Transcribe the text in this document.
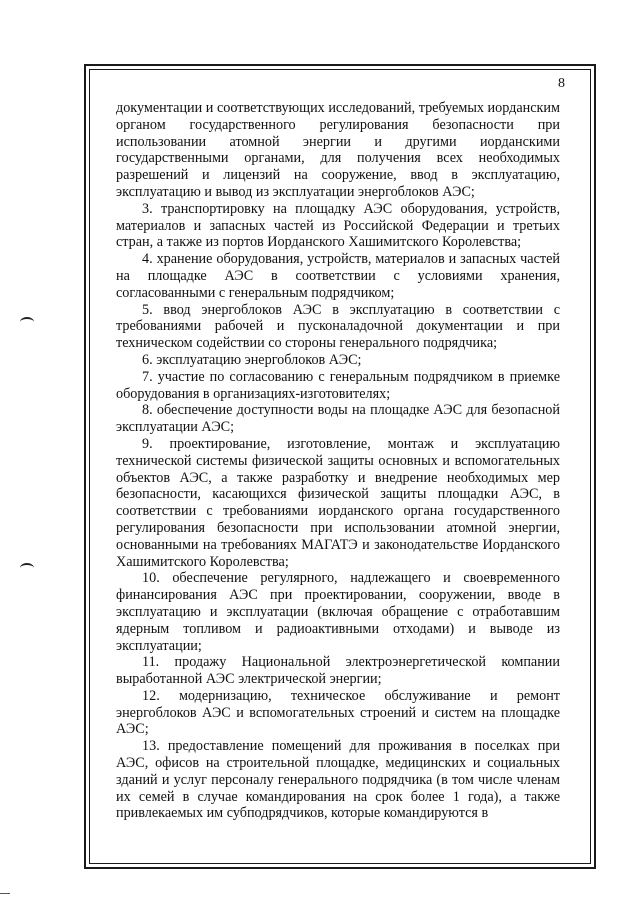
8

документации и соответствующих исследований, требуемых иорданским органом государственного регулирования безопасности при использовании атомной энергии и другими иорданскими государственными органами, для получения всех необходимых разрешений и лицензий на сооружение, ввод в эксплуатацию, эксплуатацию и вывод из эксплуатации энергоблоков АЭС;

3. транспортировку на площадку АЭС оборудования, устройств, материалов и запасных частей из Российской Федерации и третьих стран, а также из портов Иорданского Хашимитского Королевства;

4. хранение оборудования, устройств, материалов и запасных частей на площадке АЭС в соответствии с условиями хранения, согласованными с генеральным подрядчиком;

5. ввод энергоблоков АЭС в эксплуатацию в соответствии с требованиями рабочей и пусконаладочной документации и при техническом содействии со стороны генерального подрядчика;

6. эксплуатацию энергоблоков АЭС;

7. участие по согласованию с генеральным подрядчиком в приемке оборудования в организациях-изготовителях;

8. обеспечение доступности воды на площадке АЭС для безопасной эксплуатации АЭС;

9. проектирование, изготовление, монтаж и эксплуатацию технической системы физической защиты основных и вспомогательных объектов АЭС, а также разработку и внедрение необходимых мер безопасности, касающихся физической защиты площадки АЭС, в соответствии с требованиями иорданского органа государственного регулирования безопасности при использовании атомной энергии, основанными на требованиях МАГАТЭ и законодательстве Иорданского Хашимитского Королевства;

10. обеспечение регулярного, надлежащего и своевременного финансирования АЭС при проектировании, сооружении, вводе в эксплуатацию и эксплуатации (включая обращение с отработавшим ядерным топливом и радиоактивными отходами) и выводе из эксплуатации;

11. продажу Национальной электроэнергетической компании выработанной АЭС электрической энергии;

12. модернизацию, техническое обслуживание и ремонт энергоблоков АЭС и вспомогательных строений и систем на площадке АЭС;

13. предоставление помещений для проживания в поселках при АЭС, офисов на строительной площадке, медицинских и социальных зданий и услуг персоналу генерального подрядчика (в том числе членам их семей в случае командирования на срок более 1 года), а также привлекаемых им субподрядчиков, которые командируются в
